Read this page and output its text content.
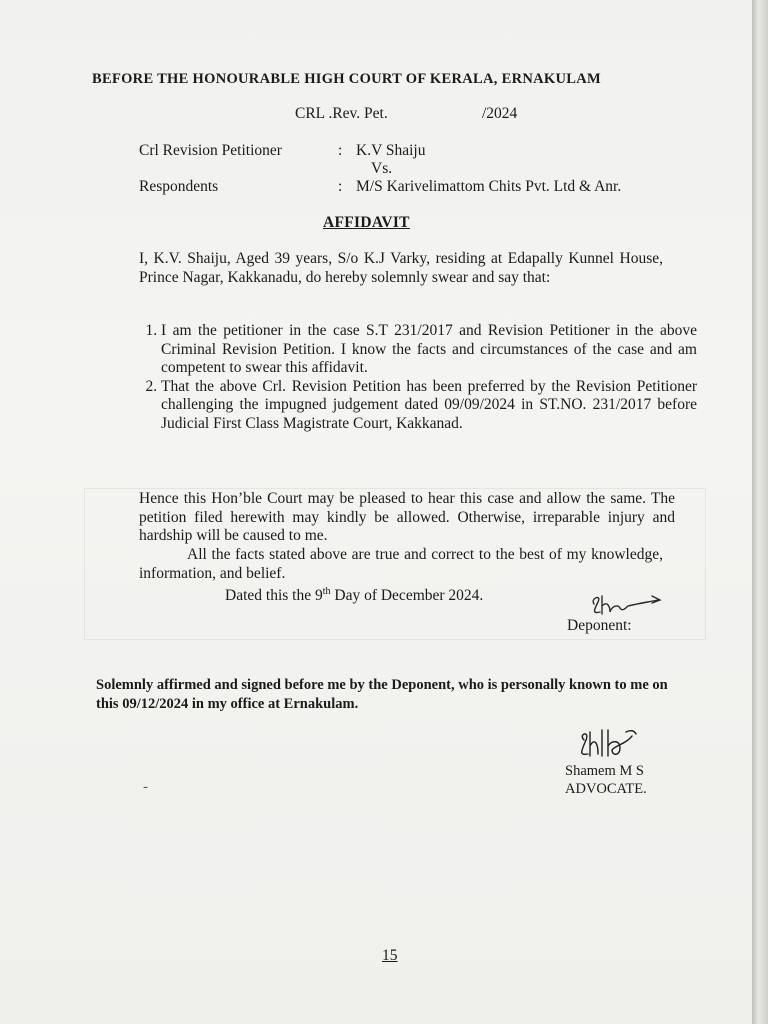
BEFORE THE HONOURABLE HIGH COURT OF KERALA, ERNAKULAM
CRL .Rev. Pet.	/2024
Crl Revision Petitioner	: K.V Shaiju
Vs.
Respondents	: M/S Karivelimattom Chits Pvt. Ltd & Anr.
AFFIDAVIT
I, K.V. Shaiju, Aged 39 years, S/o K.J Varky, residing at Edapally Kunnel House, Prince Nagar, Kakkanadu, do hereby solemnly swear and say that:
1. I am the petitioner in the case S.T 231/2017 and Revision Petitioner in the above Criminal Revision Petition. I know the facts and circumstances of the case and am competent to swear this affidavit.
2. That the above Crl. Revision Petition has been preferred by the Revision Petitioner challenging the impugned judgement dated 09/09/2024 in ST.NO. 231/2017 before Judicial First Class Magistrate Court, Kakkanad.
Hence this Hon’ble Court may be pleased to hear this case and allow the same. The petition filed herewith may kindly be allowed. Otherwise, irreparable injury and hardship will be caused to me.
All the facts stated above are true and correct to the best of my knowledge, information, and belief.
Dated this the 9th Day of December 2024.
Deponent:
Solemnly affirmed and signed before me by the Deponent, who is personally known to me on this 09/12/2024 in my office at Ernakulam.
Shamem M S
ADVOCATE.
-
15
